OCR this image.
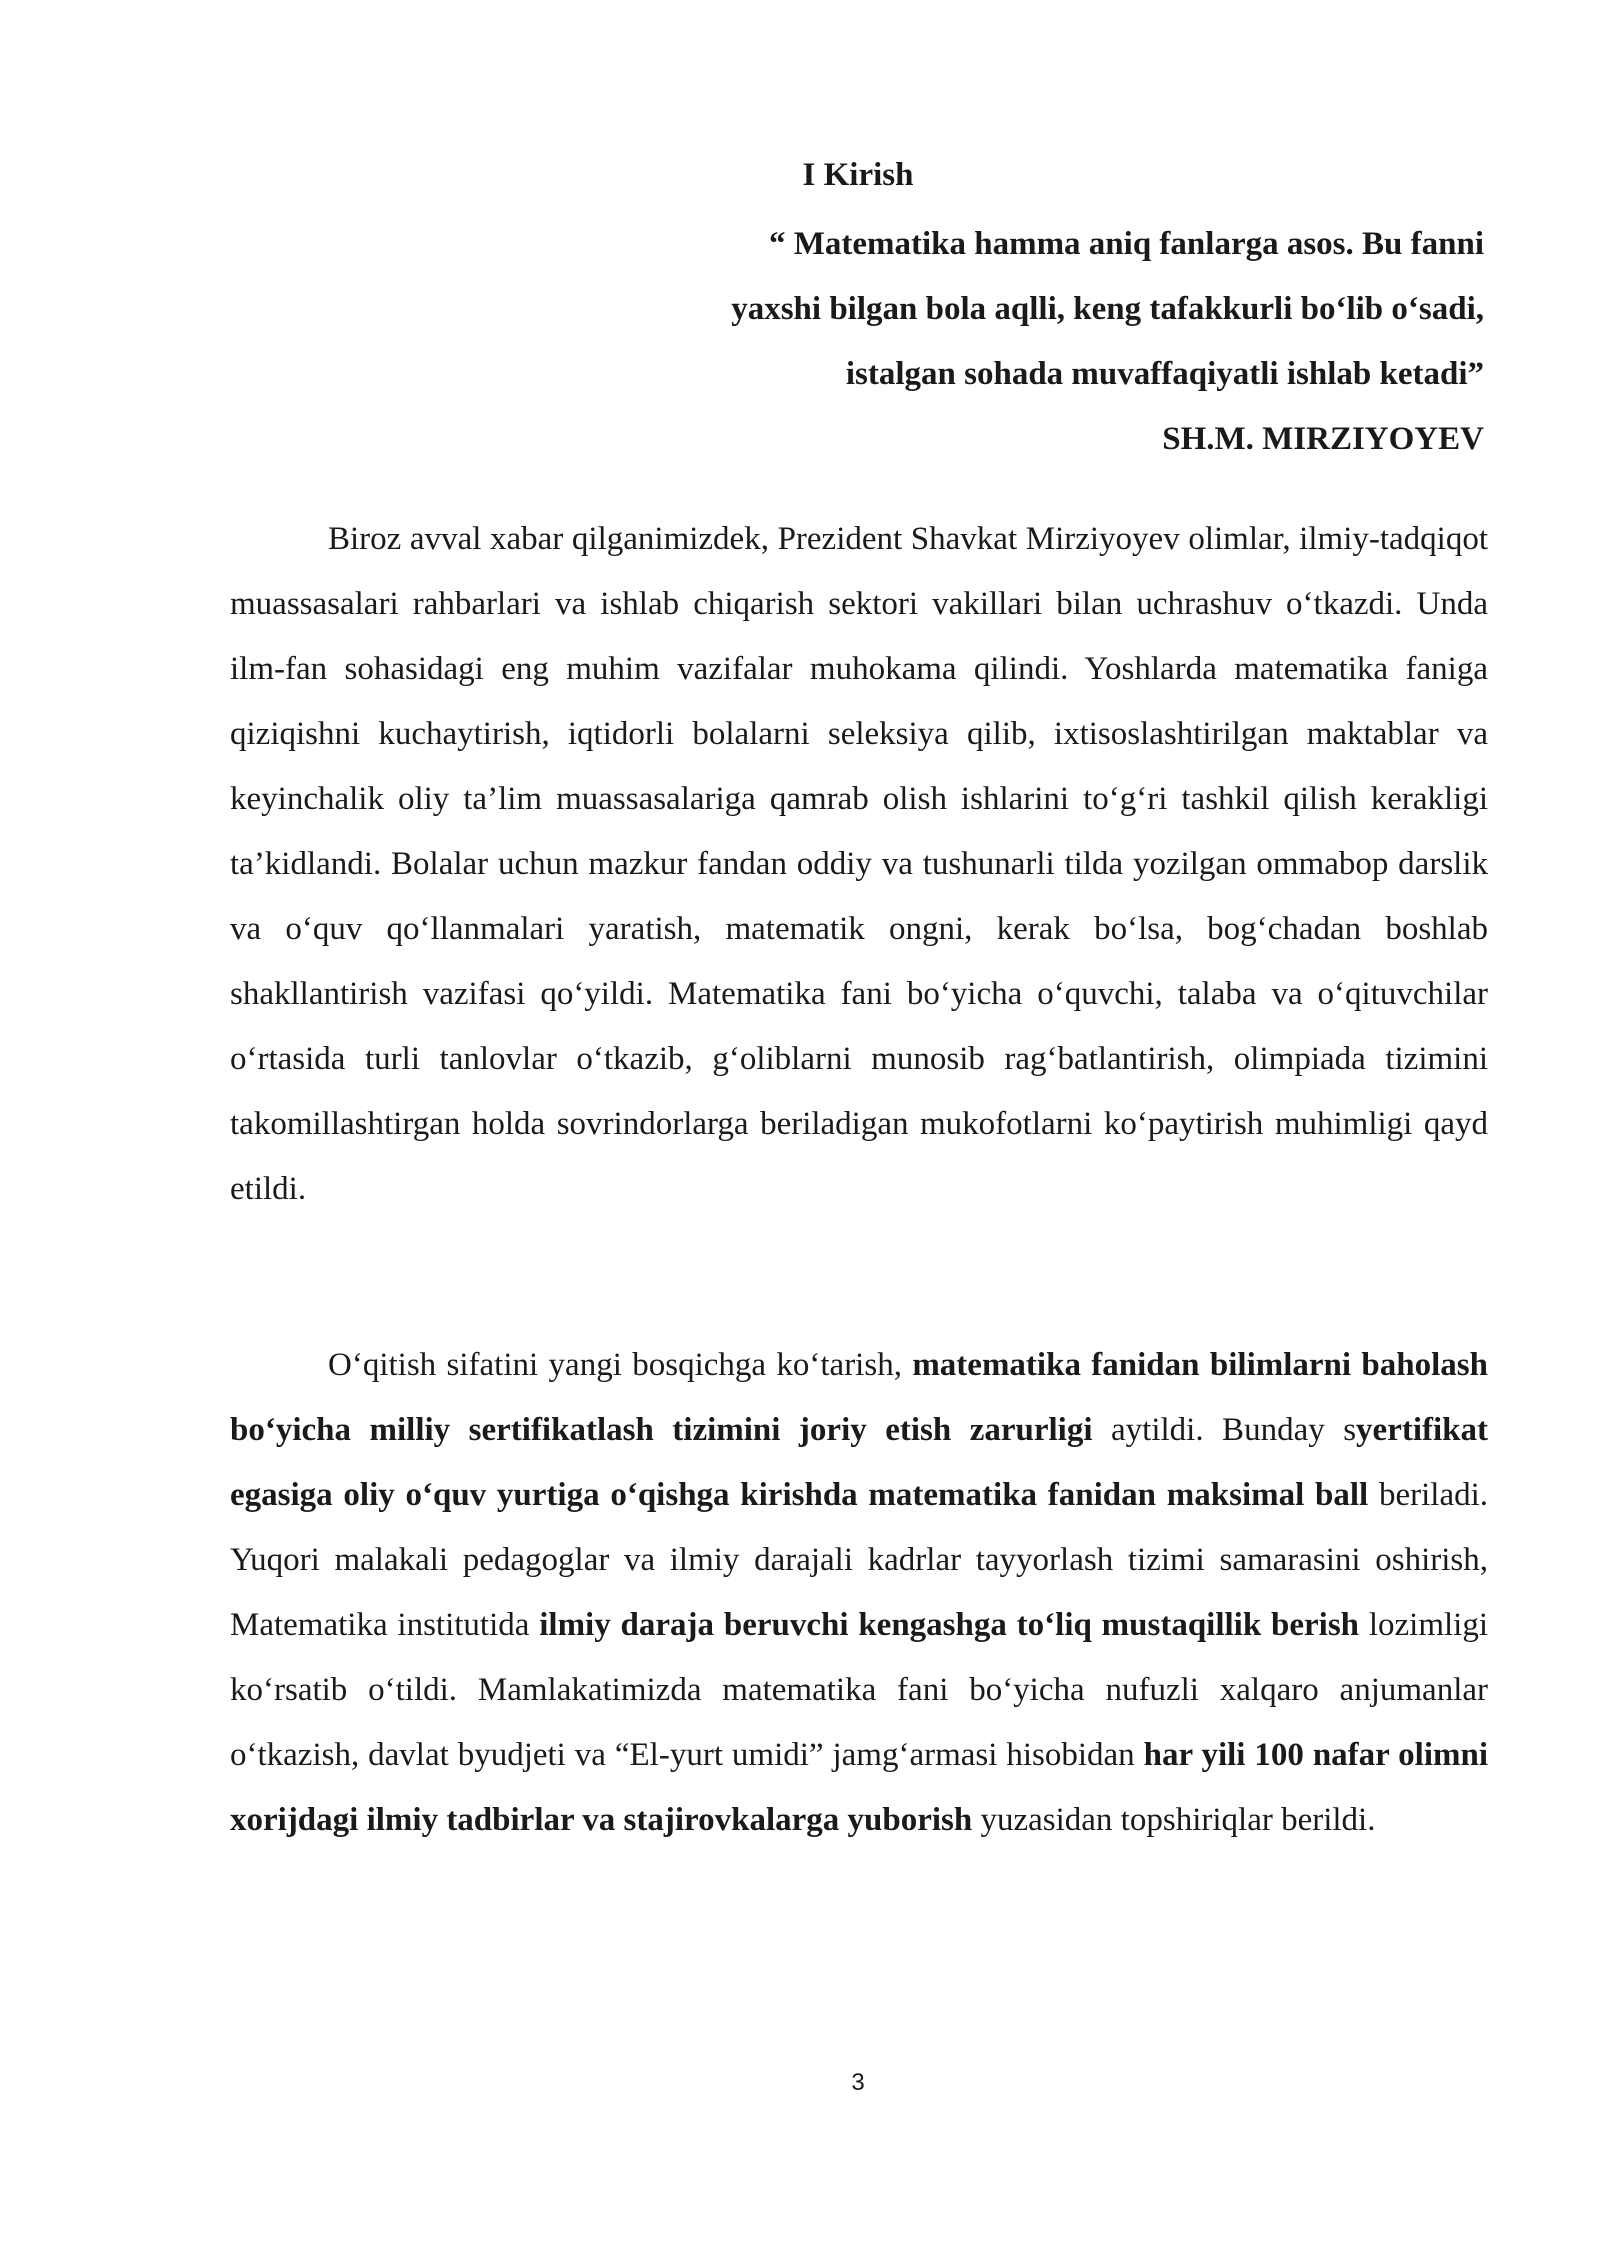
I Kirish
“ Matematika hamma aniq fanlarga asos. Bu fanni
yaxshi bilgan bola aqlli, keng tafakkurli bo‘lib o‘sadi,
istalgan sohada muvaffaqiyatli ishlab ketadi”
SH.M. MIRZIYOYEV

Biroz avval xabar qilganimizdek, Prezident Shavkat Mirziyoyev olimlar, ilmiy-tadqiqot muassasalari rahbarlari va ishlab chiqarish sektori vakillari bilan uchrashuv o‘tkazdi. Unda ilm-fan sohasidagi eng muhim vazifalar muhokama qilindi. Yoshlarda matematika faniga qiziqishni kuchaytirish, iqtidorli bolalarni seleksiya qilib, ixtisoslashtirilgan maktablar va keyinchalik oliy ta’lim muassasalariga qamrab olish ishlarini to‘g‘ri tashkil qilish kerakligi ta’kidlandi. Bolalar uchun mazkur fandan oddiy va tushunarli tilda yozilgan ommabop darslik va o‘quv qo‘llanmalari yaratish, matematik ongni, kerak bo‘lsa, bog‘chadan boshlab shakllantirish vazifasi qo‘yildi. Matematika fani bo‘yicha o‘quvchi, talaba va o‘qituvchilar o‘rtasida turli tanlovlar o‘tkazib, g‘oliblarni munosib rag‘batlantirish, olimpiada tizimini takomillashtirgan holda sovrindorlarga beriladigan mukofotlarni ko‘paytirish muhimligi qayd etildi.

O‘qitish sifatini yangi bosqichga ko‘tarish, matematika fanidan bilimlarni baholash bo‘yicha milliy sertifikatlash tizimini joriy etish zarurligi aytildi. Bunday syertifikat egasiga oliy o‘quv yurtiga o‘qishga kirishda matematika fanidan maksimal ball beriladi. Yuqori malakali pedagoglar va ilmiy darajali kadrlar tayyorlash tizimi samarasini oshirish, Matematika institutida ilmiy daraja beruvchi kengashga to‘liq mustaqillik berish lozimligi ko‘rsatib o‘tildi. Mamlakatimizda matematika fani bo‘yicha nufuzli xalqaro anjumanlar o‘tkazish, davlat byudjeti va “El-yurt umidi” jamg‘armasi hisobidan har yili 100 nafar olimni xorijdagi ilmiy tadbirlar va stajirovkalarga yuborish yuzasidan topshiriqlar berildi.

3
